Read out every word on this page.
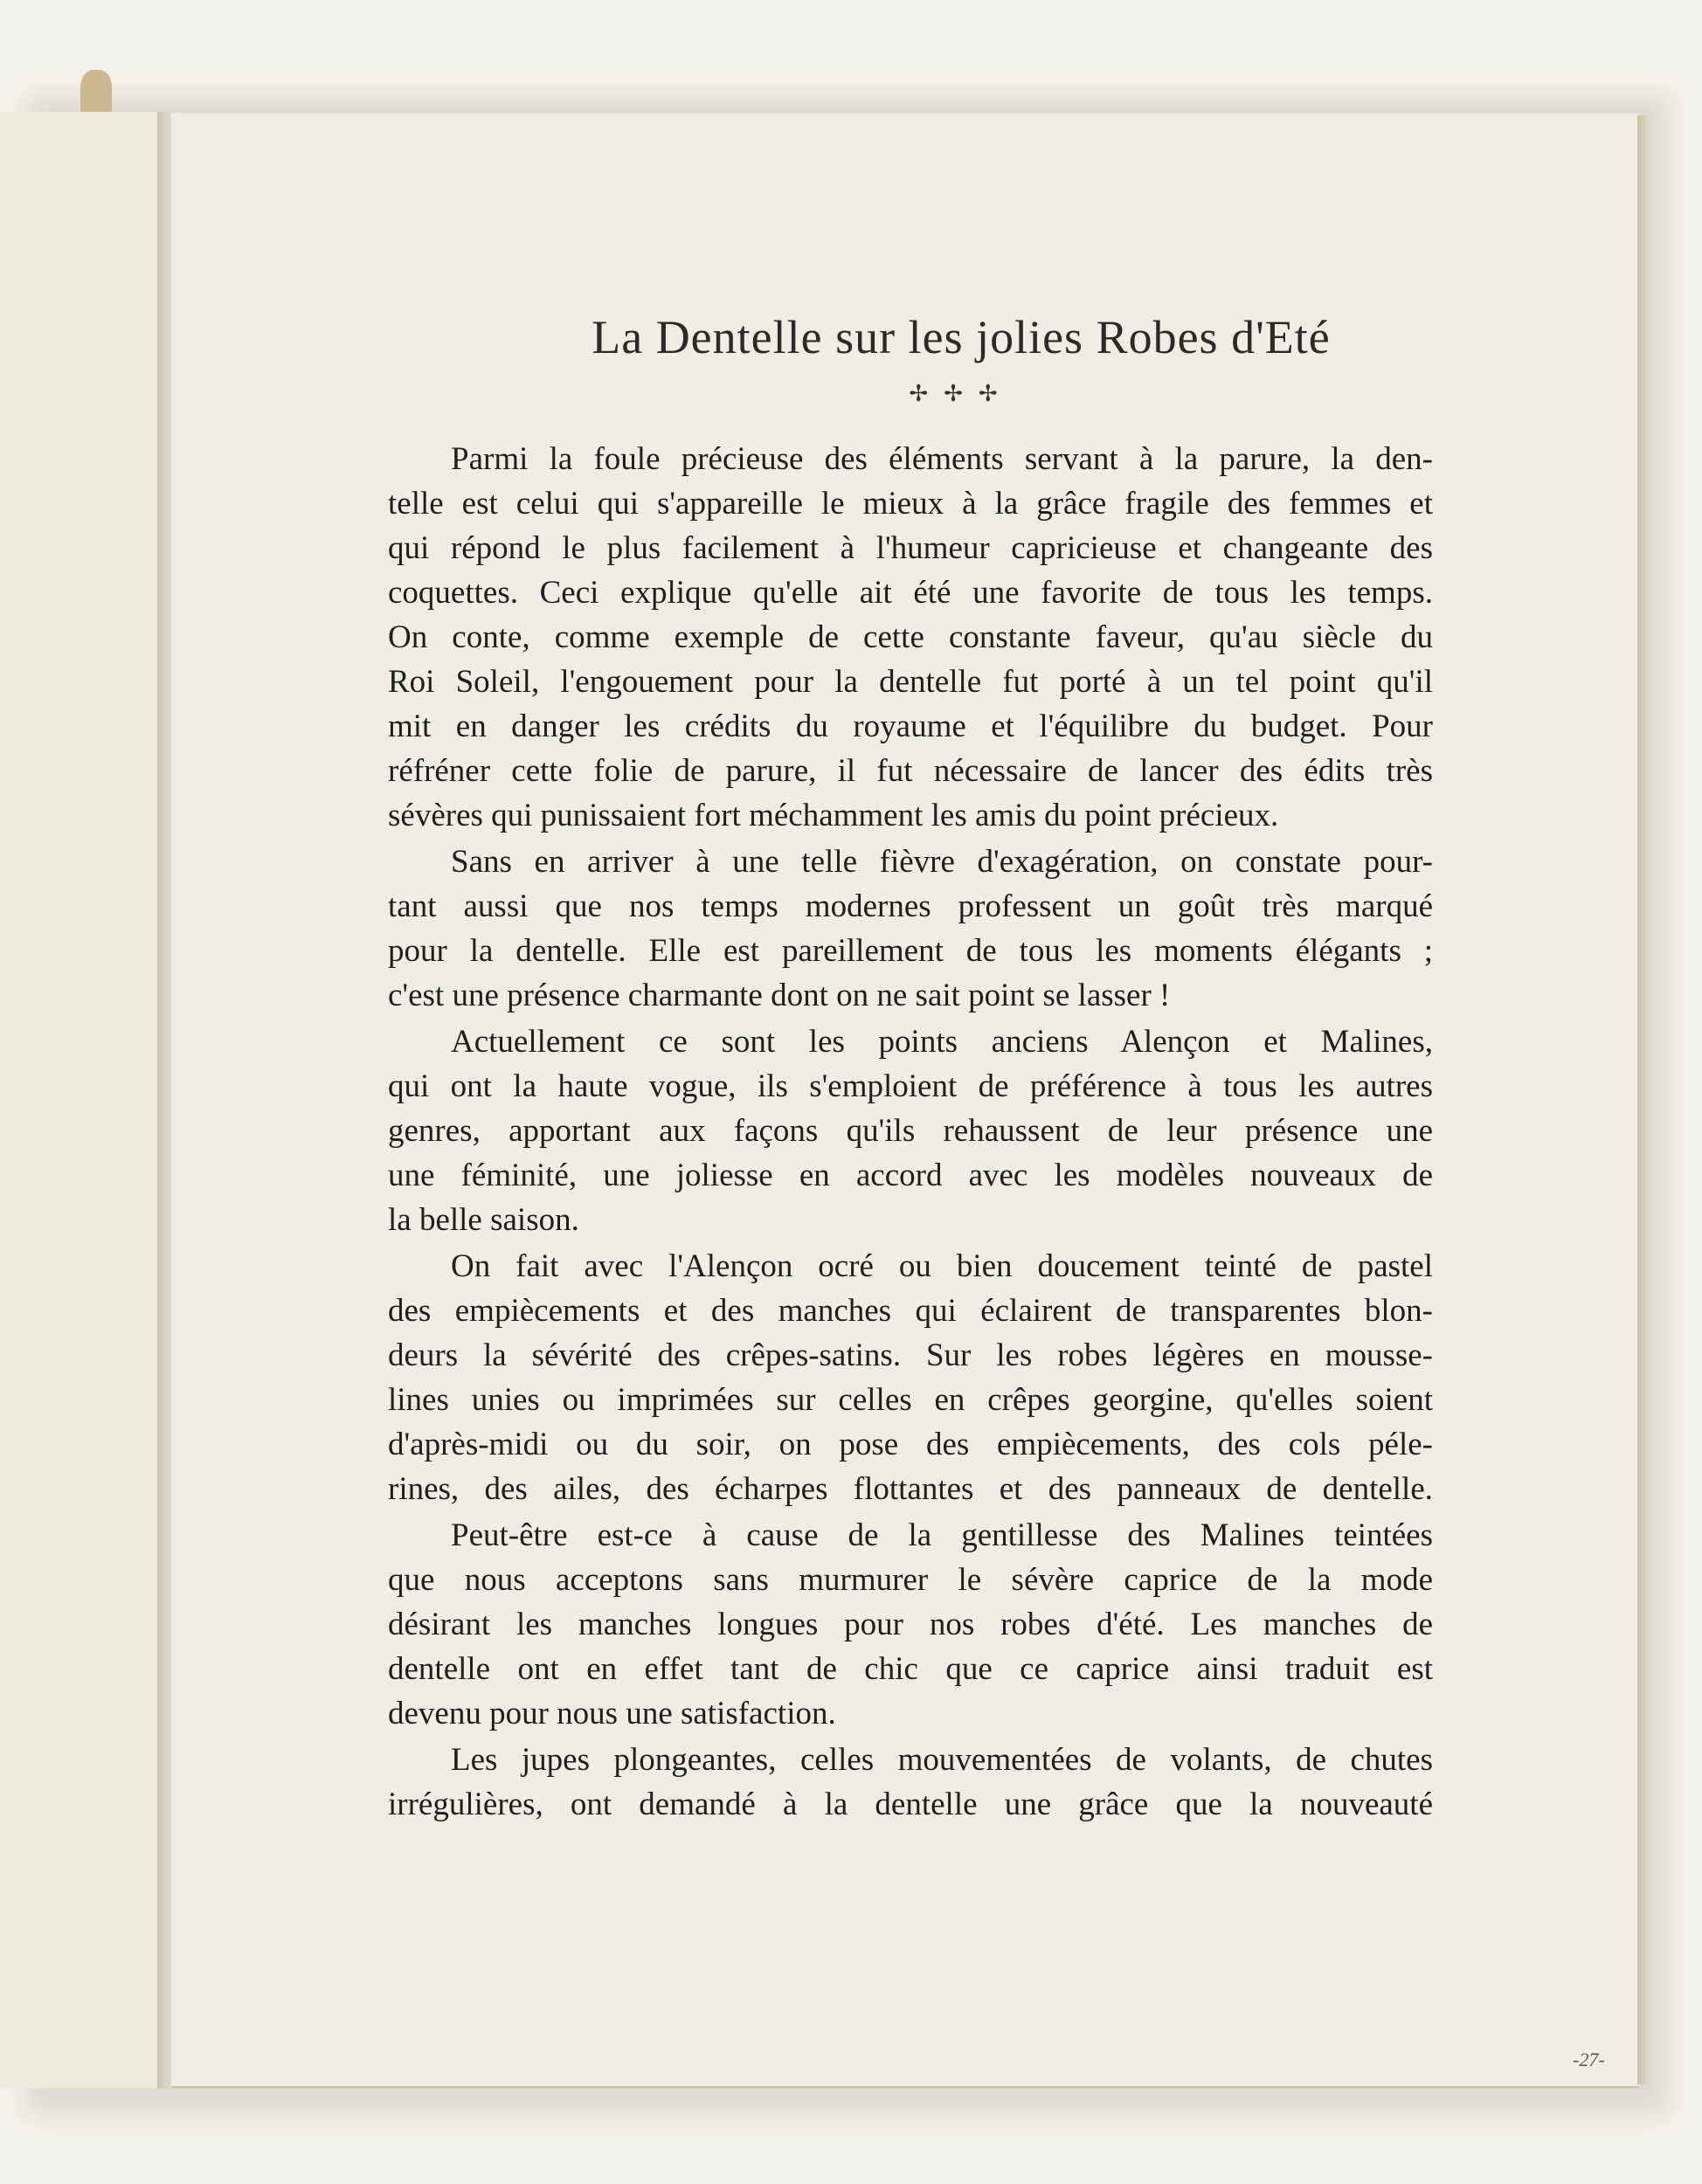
La Dentelle sur les jolies Robes d'Eté
✢✢✢
Parmi la foule précieuse des éléments servant à la parure, la den-
telle est celui qui s'appareille le mieux à la grâce fragile des femmes et
qui répond le plus facilement à l'humeur capricieuse et changeante des
coquettes. Ceci explique qu'elle ait été une favorite de tous les temps.
On conte, comme exemple de cette constante faveur, qu'au siècle du
Roi Soleil, l'engouement pour la dentelle fut porté à un tel point qu'il
mit en danger les crédits du royaume et l'équilibre du budget. Pour
réfréner cette folie de parure, il fut nécessaire de lancer des édits très
sévères qui punissaient fort méchamment les amis du point précieux.
Sans en arriver à une telle fièvre d'exagération, on constate pour-
tant aussi que nos temps modernes professent un goût très marqué
pour la dentelle. Elle est pareillement de tous les moments élégants ;
c'est une présence charmante dont on ne sait point se lasser !
Actuellement ce sont les points anciens Alençon et Malines,
qui ont la haute vogue, ils s'emploient de préférence à tous les autres
genres, apportant aux façons qu'ils rehaussent de leur présence une
une féminité, une joliesse en accord avec les modèles nouveaux de
la belle saison.
On fait avec l'Alençon ocré ou bien doucement teinté de pastel
des empiècements et des manches qui éclairent de transparentes blon-
deurs la sévérité des crêpes-satins. Sur les robes légères en mousse-
lines unies ou imprimées sur celles en crêpes georgine, qu'elles soient
d'après-midi ou du soir, on pose des empiècements, des cols péle-
rines, des ailes, des écharpes flottantes et des panneaux de dentelle.
Peut-être est-ce à cause de la gentillesse des Malines teintées
que nous acceptons sans murmurer le sévère caprice de la mode
désirant les manches longues pour nos robes d'été. Les manches de
dentelle ont en effet tant de chic que ce caprice ainsi traduit est
devenu pour nous une satisfaction.
Les jupes plongeantes, celles mouvementées de volants, de chutes
irrégulières, ont demandé à la dentelle une grâce que la nouveauté
-27-
